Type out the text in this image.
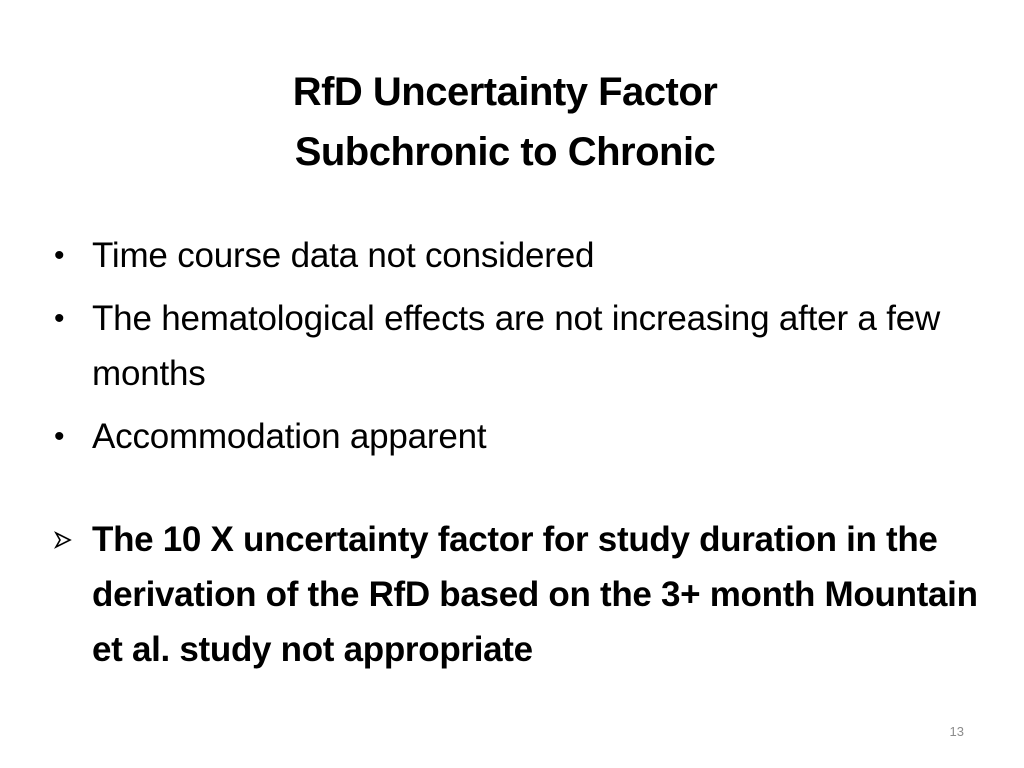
RfD Uncertainty Factor
Subchronic to Chronic
• Time course data not considered
• The hematological effects are not increasing after a few months
• Accommodation apparent
The 10 X uncertainty factor for study duration in the derivation of the RfD based on the 3+ month Mountain et al. study not appropriate
13
